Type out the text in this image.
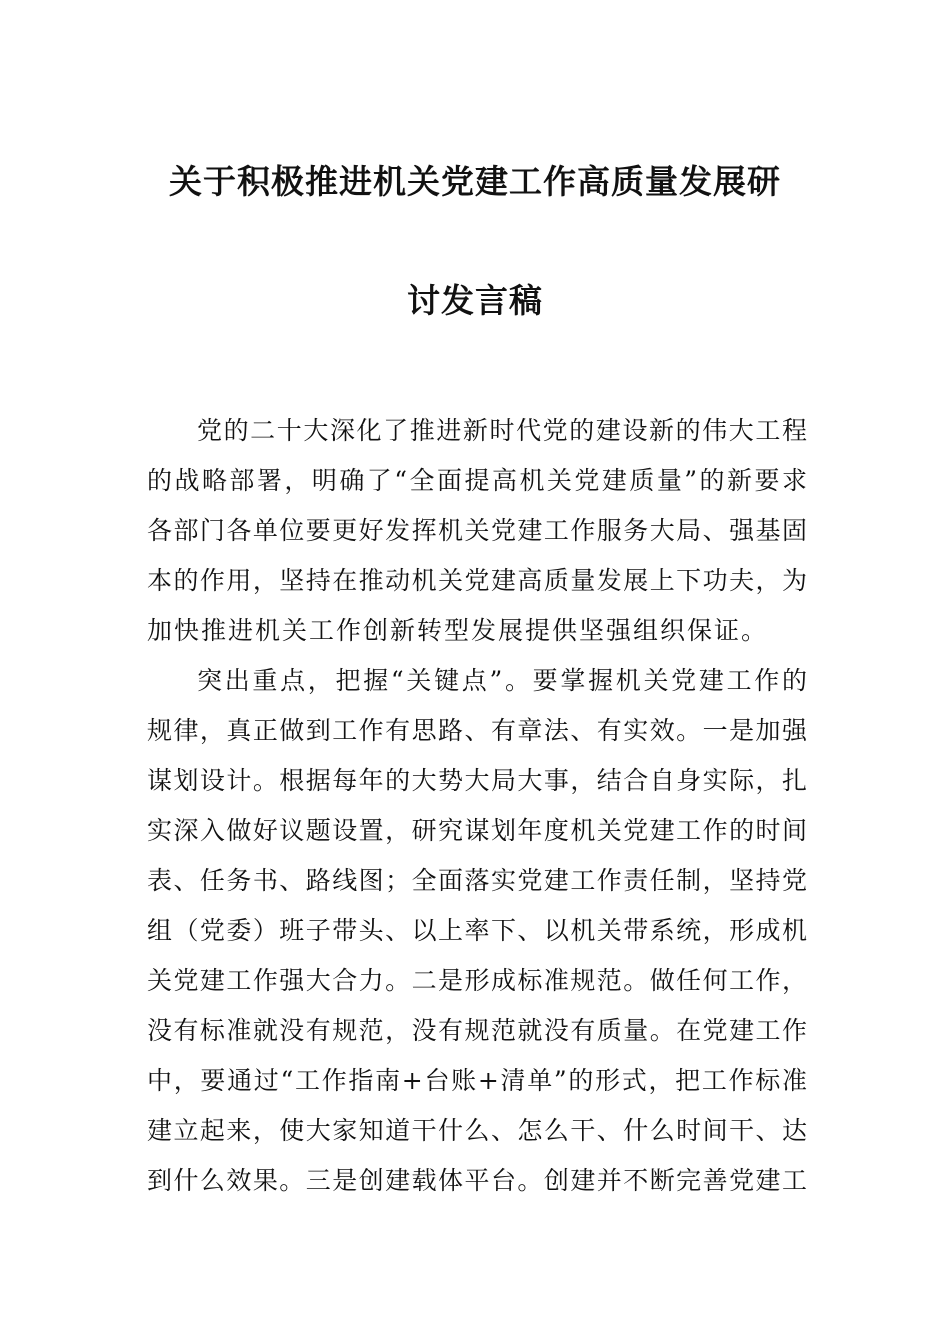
关于积极推进机关党建工作高质量发展研
讨发言稿
党的二十大深化了推进新时代党的建设新的伟大工程
的战略部署，明确了“全面提高机关党建质量”的新要求
各部门各单位要更好发挥机关党建工作服务大局、强基固
本的作用，坚持在推动机关党建高质量发展上下功夫，为
加快推进机关工作创新转型发展提供坚强组织保证。
突出重点，把握“关键点”。要掌握机关党建工作的
规律，真正做到工作有思路、有章法、有实效。一是加强
谋划设计。根据每年的大势大局大事，结合自身实际，扎
实深入做好议题设置，研究谋划年度机关党建工作的时间
表、任务书、路线图；全面落实党建工作责任制，坚持党
组（党委）班子带头、以上率下、以机关带系统，形成机
关党建工作强大合力。二是形成标准规范。做任何工作，
没有标准就没有规范，没有规范就没有质量。在党建工作
中，要通过“工作指南+台账+清单”的形式，把工作标准
建立起来，使大家知道干什么、怎么干、什么时间干、达
到什么效果。三是创建载体平台。创建并不断完善党建工
